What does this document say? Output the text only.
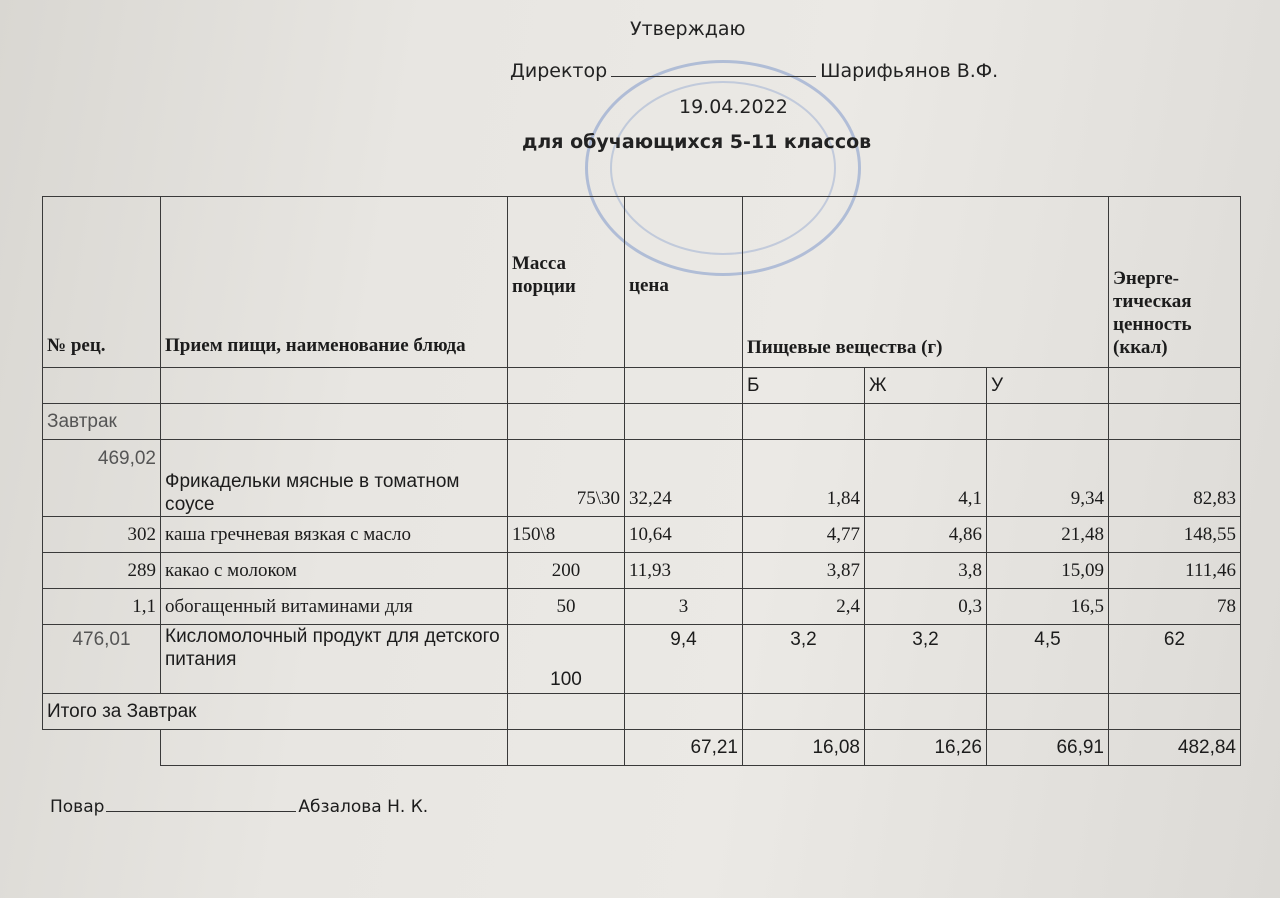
Утверждаю
Директор	Шарифьянов В.Ф.
19.04.2022
для обучающихся 5-11 классов
№ рец.	Прием пищи, наименование блюда	Масса порции	цена	Пищевые вещества (г)			Энерге- тическая ценность (ккал)
				Б	Ж	У	
Завтрак							
469,02	Фрикадельки мясные в томатном соусе	75\30	32,24	1,84	4,1	9,34	82,83
302	каша гречневая вязкая с масло	150\8	10,64	4,77	4,86	21,48	148,55
289	какао с молоком	200	11,93	3,87	3,8	15,09	111,46
1,1	обогащенный витаминами для	50	3	2,4	0,3	16,5	78
476,01	Кисломолочный продукт для детского питания	100	9,4	3,2	3,2	4,5	62
Итого за Завтрак							
			67,21	16,08	16,26	66,91	482,84
Повар	Абзалова Н. К.
